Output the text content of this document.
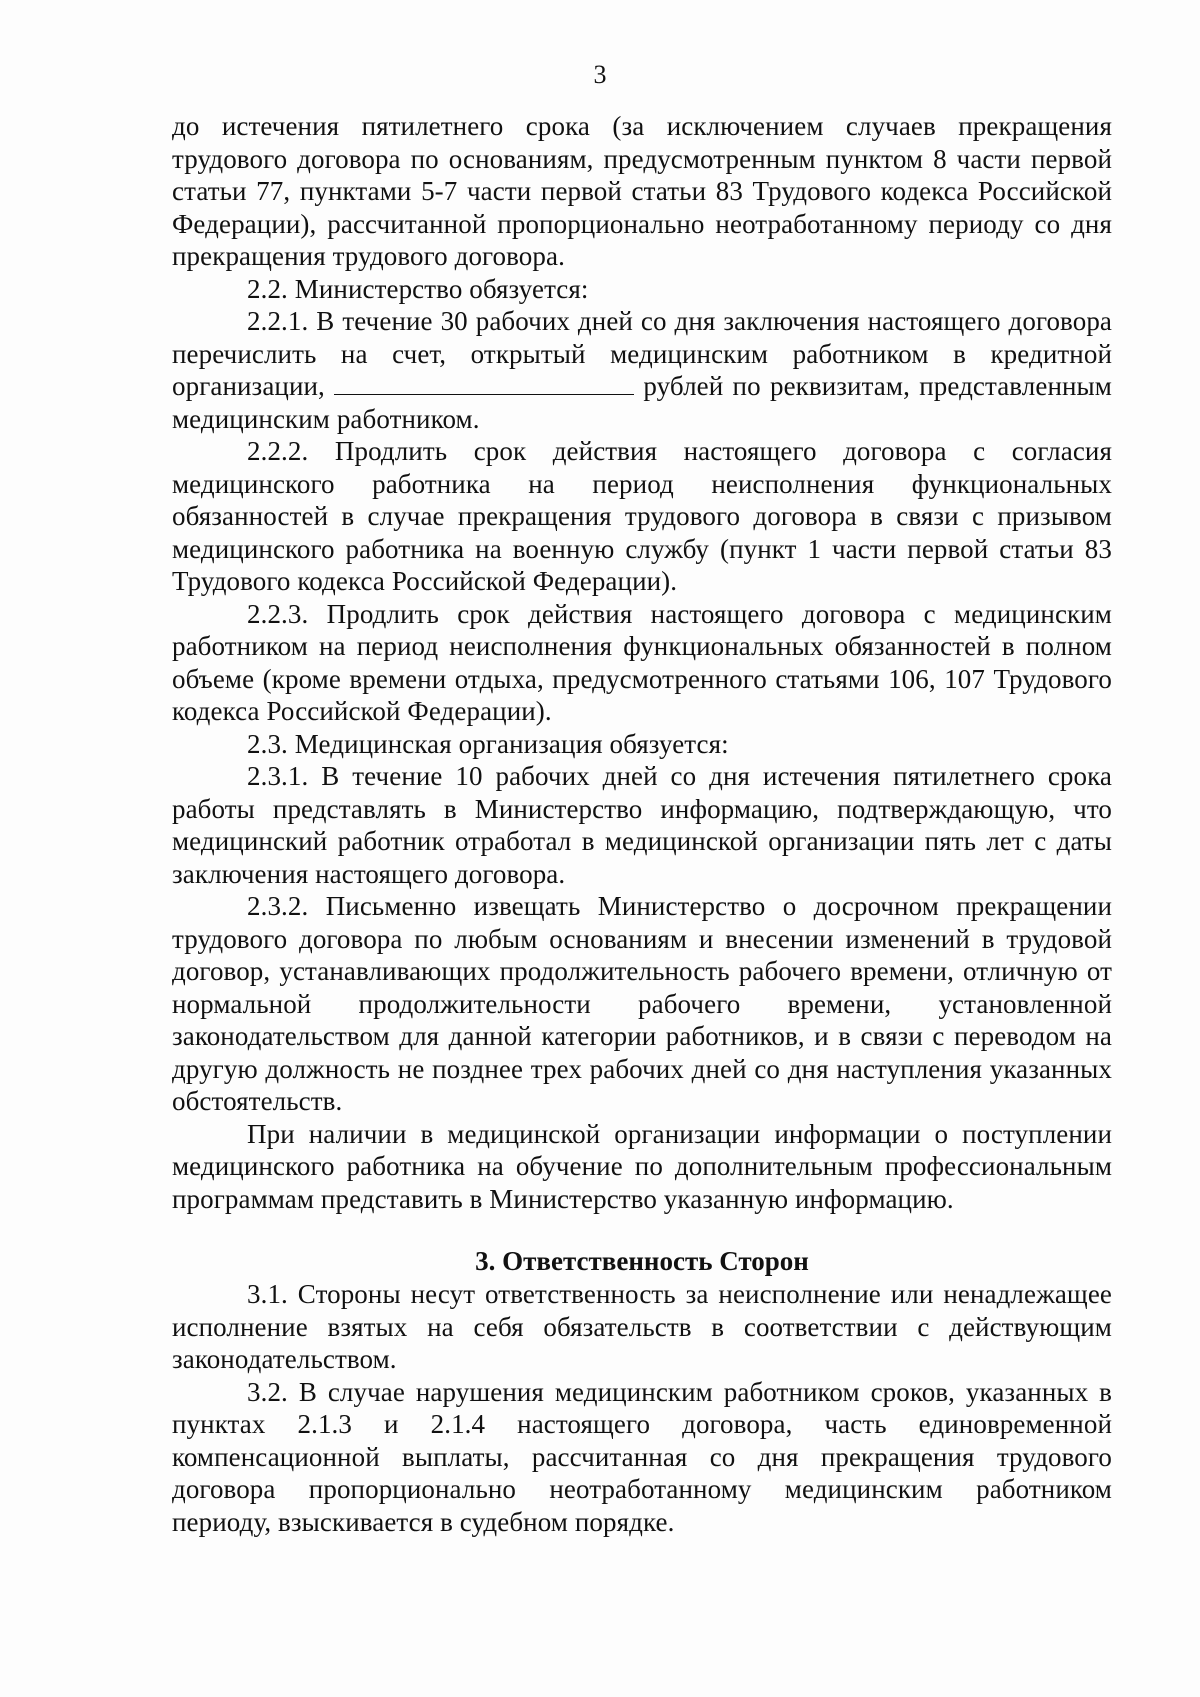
3

до истечения пятилетнего срока (за исключением случаев прекращения трудового договора по основаниям, предусмотренным пунктом 8 части первой статьи 77, пунктами 5-7 части первой статьи 83 Трудового кодекса Российской Федерации), рассчитанной пропорционально неотработанному периоду со дня прекращения трудового договора.

2.2. Министерство обязуется:

2.2.1. В течение 30 рабочих дней со дня заключения настоящего договора перечислить на счет, открытый медицинским работником в кредитной организации,	рублей по реквизитам, представленным медицинским работником.

2.2.2. Продлить срок действия настоящего договора с согласия медицинского работника на период неисполнения функциональных обязанностей в случае прекращения трудового договора в связи с призывом медицинского работника на военную службу (пункт 1 части первой статьи 83 Трудового кодекса Российской Федерации).

2.2.3. Продлить срок действия настоящего договора с медицинским работником на период неисполнения функциональных обязанностей в полном объеме (кроме времени отдыха, предусмотренного статьями 106, 107 Трудового кодекса Российской Федерации).

2.3. Медицинская организация обязуется:

2.3.1. В течение 10 рабочих дней со дня истечения пятилетнего срока работы представлять в Министерство информацию, подтверждающую, что медицинский работник отработал в медицинской организации пять лет с даты заключения настоящего договора.

2.3.2. Письменно извещать Министерство о досрочном прекращении трудового договора по любым основаниям и внесении изменений в трудовой договор, устанавливающих продолжительность рабочего времени, отличную от нормальной продолжительности рабочего времени, установленной законодательством для данной категории работников, и в связи с переводом на другую должность не позднее трех рабочих дней со дня наступления указанных обстоятельств.

При наличии в медицинской организации информации о поступлении медицинского работника на обучение по дополнительным профессиональным программам представить в Министерство указанную информацию.

3. Ответственность Сторон

3.1. Стороны несут ответственность за неисполнение или ненадлежащее исполнение взятых на себя обязательств в соответствии с действующим законодательством.

3.2. В случае нарушения медицинским работником сроков, указанных в пунктах 2.1.3 и 2.1.4 настоящего договора, часть единовременной компенсационной выплаты, рассчитанная со дня прекращения трудового договора пропорционально неотработанному медицинским работником периоду, взыскивается в судебном порядке.
